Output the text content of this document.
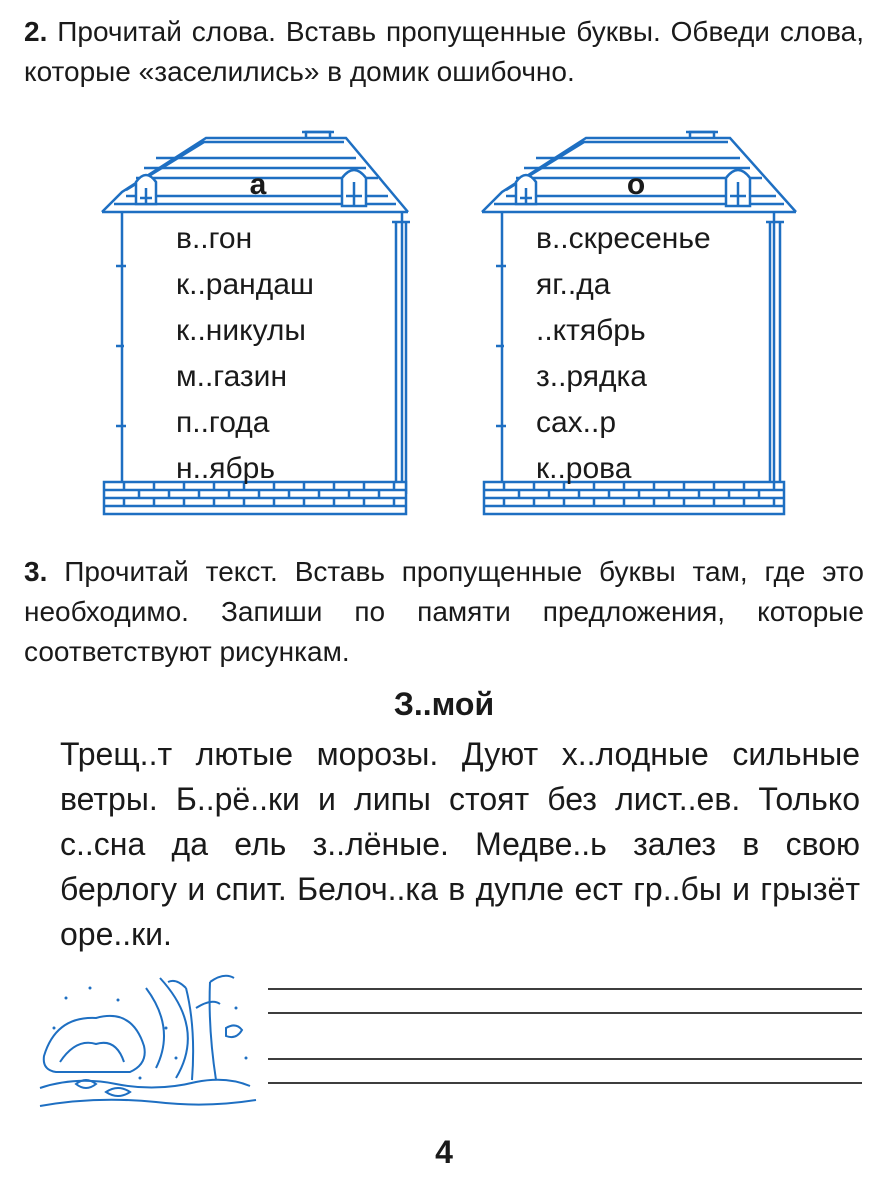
2. Прочитай слова. Вставь пропущенные буквы. Обведи слова, которые «заселились» в домик ошибочно.
а
в..гон
к..рандаш
к..никулы
м..газин
п..года
н..ябрь
о
в..скресенье
яг..да
..ктябрь
з..рядка
сах..р
к..рова
3. Прочитай текст. Вставь пропущенные буквы там, где это необходимо. Запиши по памяти предложения, которые соответствуют рисункам.
З..мой

Трещ..т лютые морозы. Дуют х..лодные сильные ветры. Б..рё..ки и липы стоят без лист..ев. Только с..сна да ель з..лёные. Медве..ь залез в свою берлогу и спит. Белоч..ка в дупле ест гр..бы и грызёт оре..ки.

4
